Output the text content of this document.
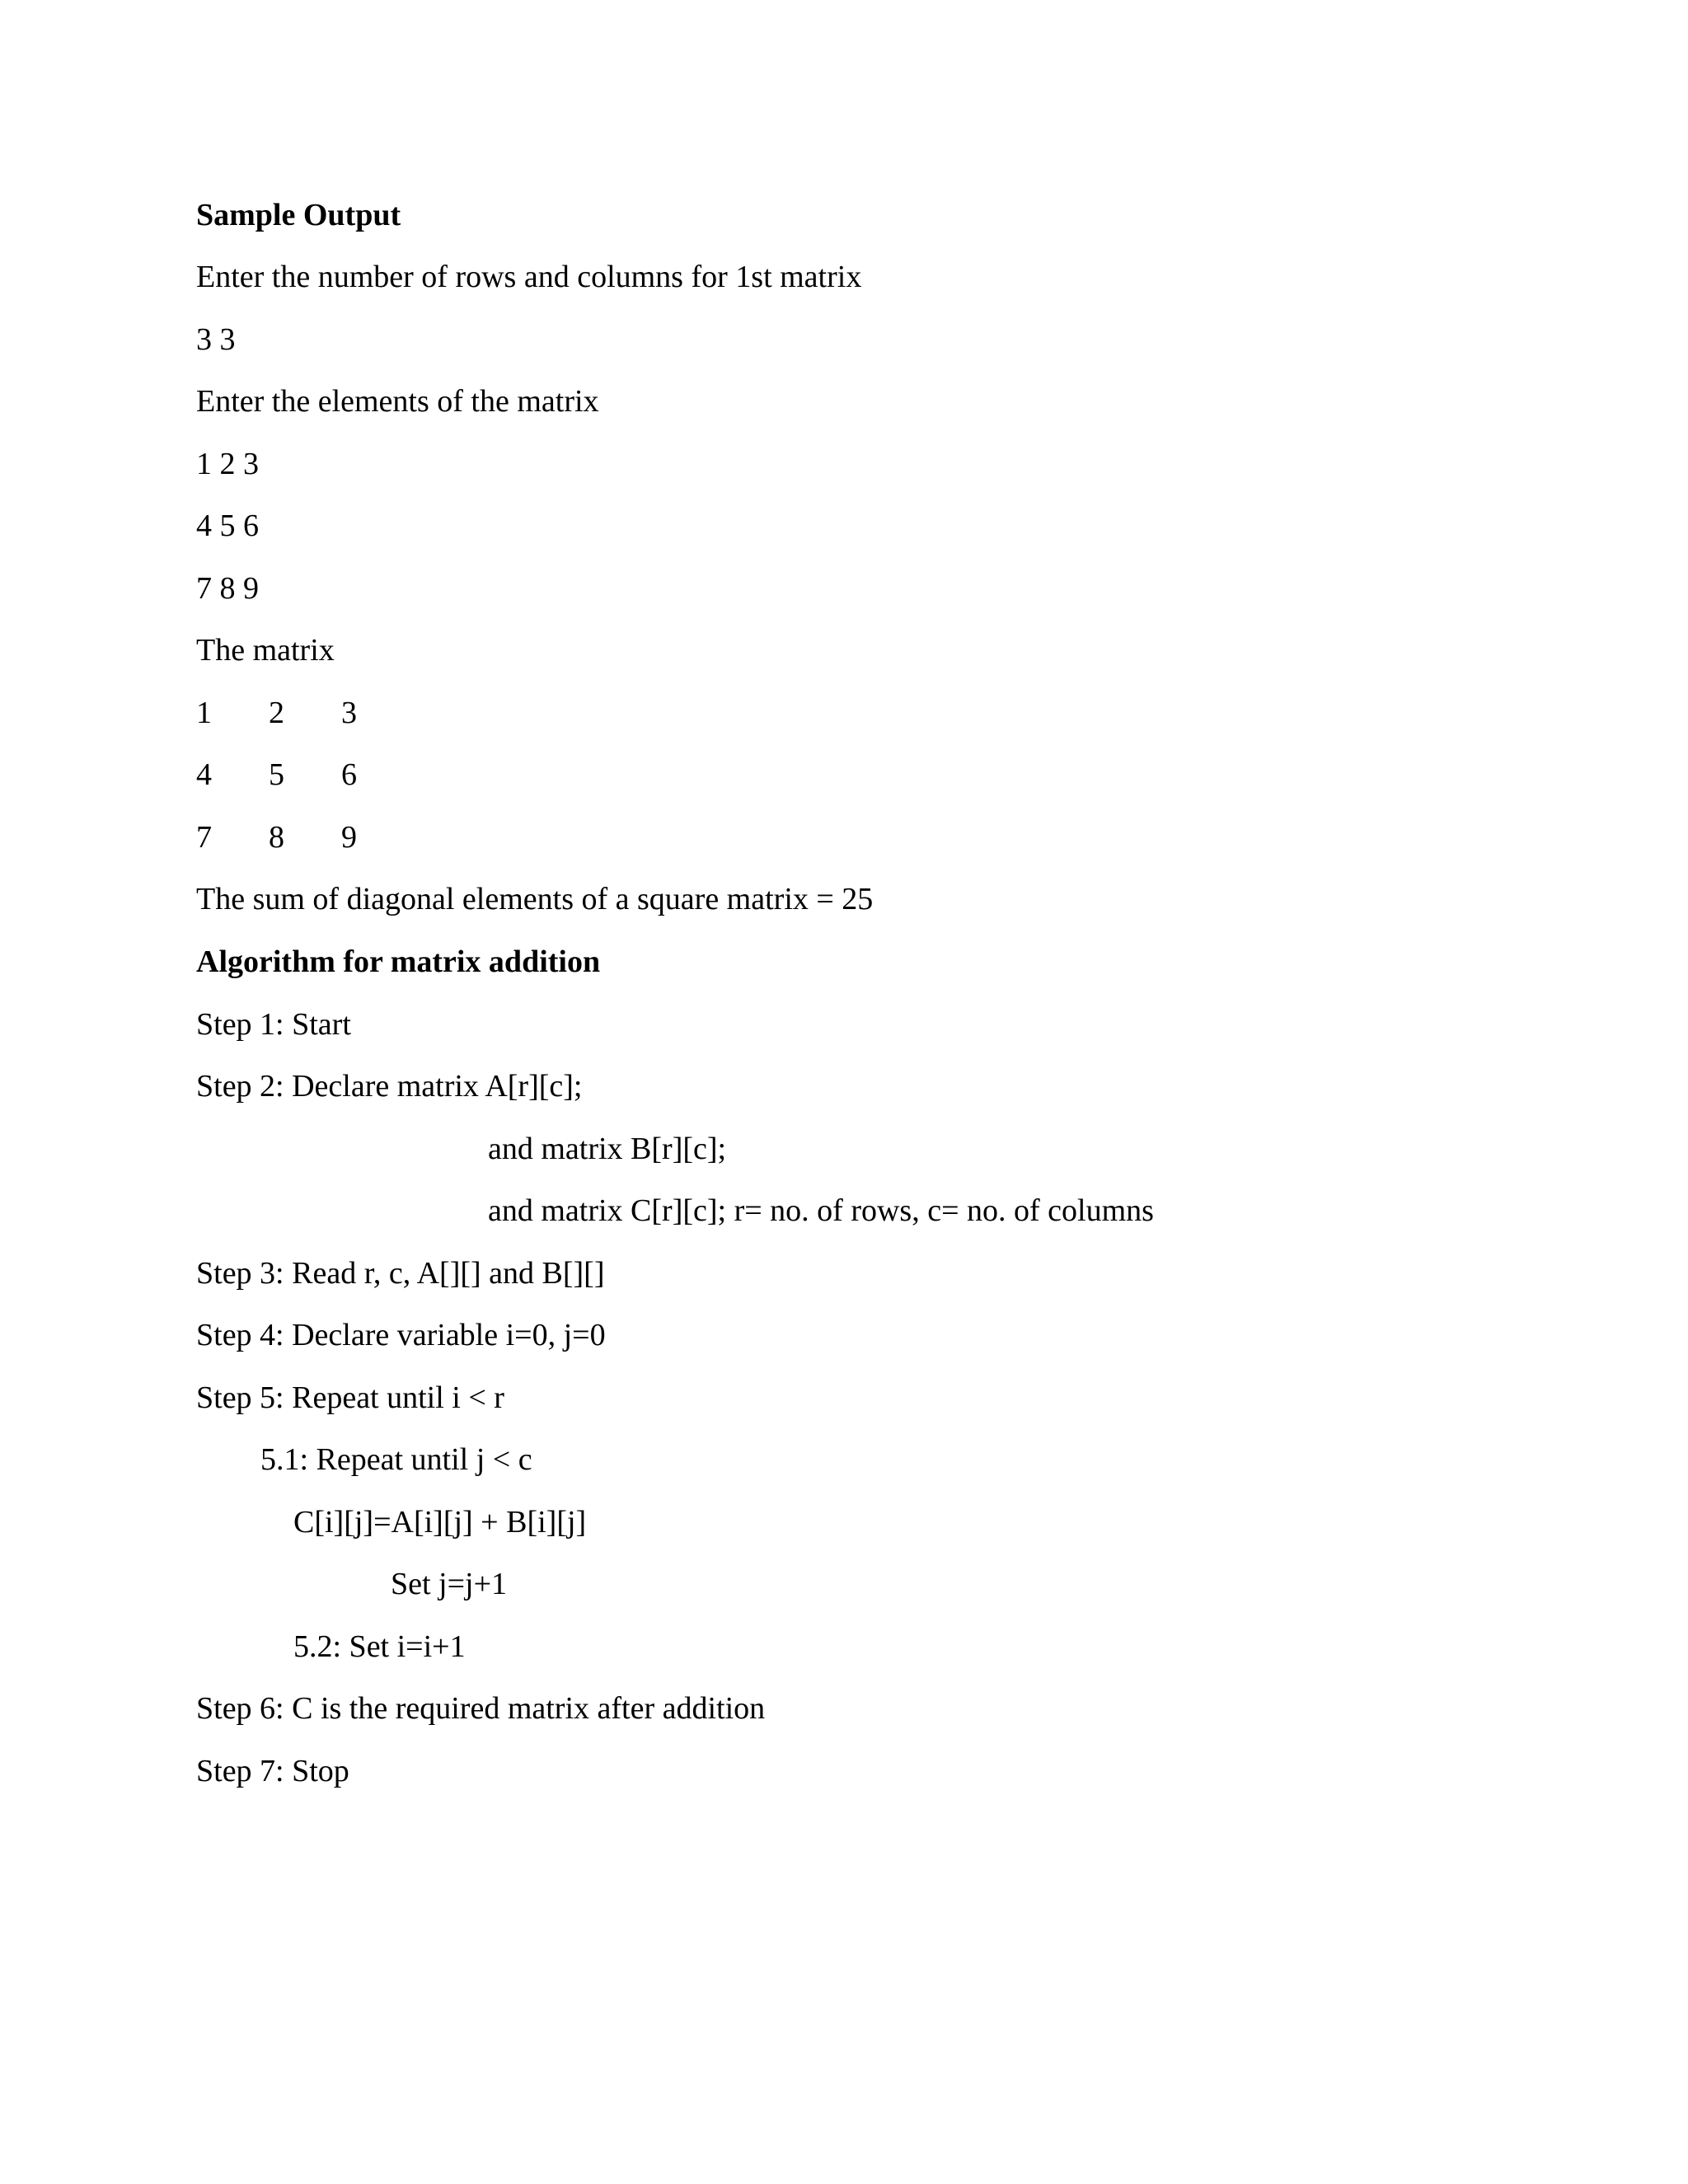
Sample Output
Enter the number of rows and columns for 1st matrix
3 3
Enter the elements of the matrix
1 2 3
4 5 6
7 8 9
The matrix
1 2 3
4 5 6
7 8 9
The sum of diagonal elements of a square matrix = 25
Algorithm for matrix addition
Step 1: Start
Step 2: Declare matrix A[r][c];
and matrix B[r][c];
and matrix C[r][c]; r= no. of rows, c= no. of columns
Step 3: Read r, c, A[][] and B[][]
Step 4: Declare variable i=0, j=0
Step 5: Repeat until i < r
5.1: Repeat until j < c
C[i][j]=A[i][j] + B[i][j]
Set j=j+1
5.2: Set i=i+1
Step 6: C is the required matrix after addition
Step 7: Stop
